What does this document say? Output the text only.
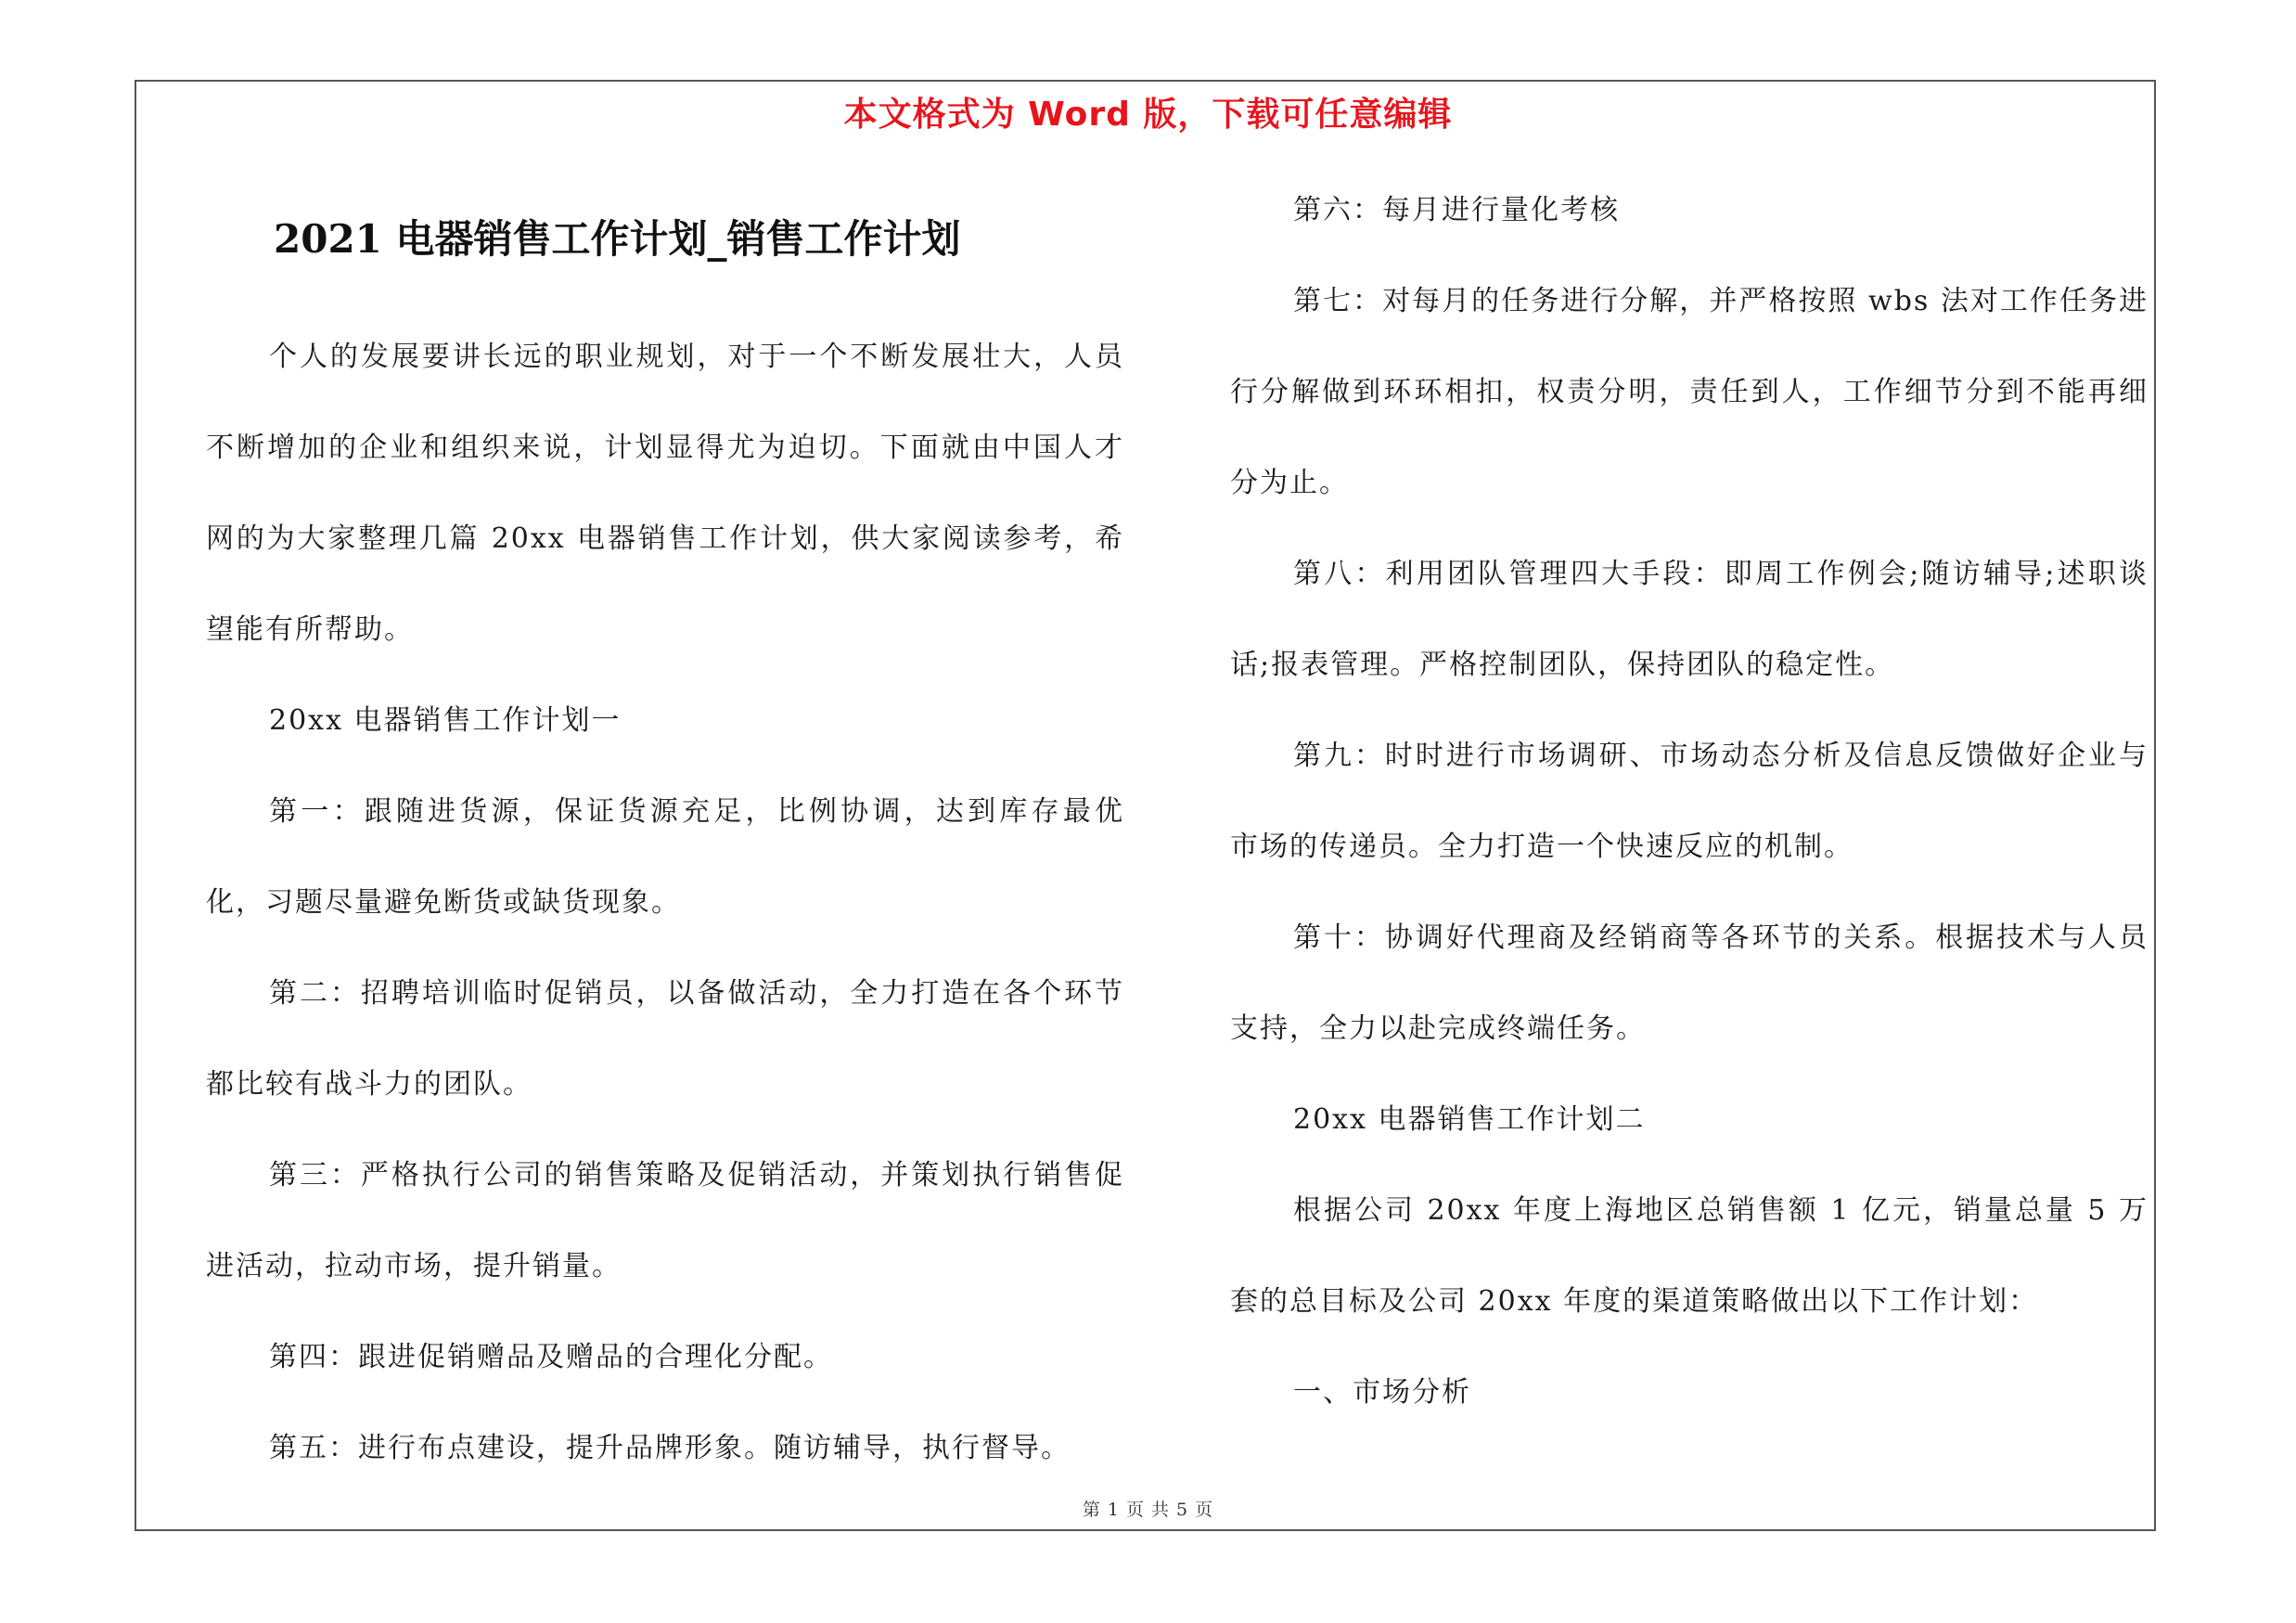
本文格式为 Word 版，下载可任意编辑
2021 电器销售工作计划_销售工作计划

个人的发展要讲长远的职业规划，对于一个不断发展壮大，人员不断增加的企业和组织来说，计划显得尤为迫切。下面就由中国人才网的为大家整理几篇 20xx 电器销售工作计划，供大家阅读参考，希望能有所帮助。

20xx 电器销售工作计划一

第一：跟随进货源，保证货源充足，比例协调，达到库存最优化，习题尽量避免断货或缺货现象。

第二：招聘培训临时促销员，以备做活动，全力打造在各个环节都比较有战斗力的团队。

第三：严格执行公司的销售策略及促销活动，并策划执行销售促进活动，拉动市场，提升销量。

第四：跟进促销赠品及赠品的合理化分配。

第五：进行布点建设，提升品牌形象。随访辅导，执行督导。

第六：每月进行量化考核

第七：对每月的任务进行分解，并严格按照 wbs 法对工作任务进行分解做到环环相扣，权责分明，责任到人，工作细节分到不能再细分为止。

第八：利用团队管理四大手段：即周工作例会;随访辅导;述职谈话;报表管理。严格控制团队，保持团队的稳定性。

第九：时时进行市场调研、市场动态分析及信息反馈做好企业与市场的传递员。全力打造一个快速反应的机制。

第十：协调好代理商及经销商等各环节的关系。根据技术与人员支持，全力以赴完成终端任务。

20xx 电器销售工作计划二

根据公司 20xx 年度上海地区总销售额 1 亿元，销量总量 5 万套的总目标及公司 20xx 年度的渠道策略做出以下工作计划：

一、市场分析

第 1 页 共 5 页
